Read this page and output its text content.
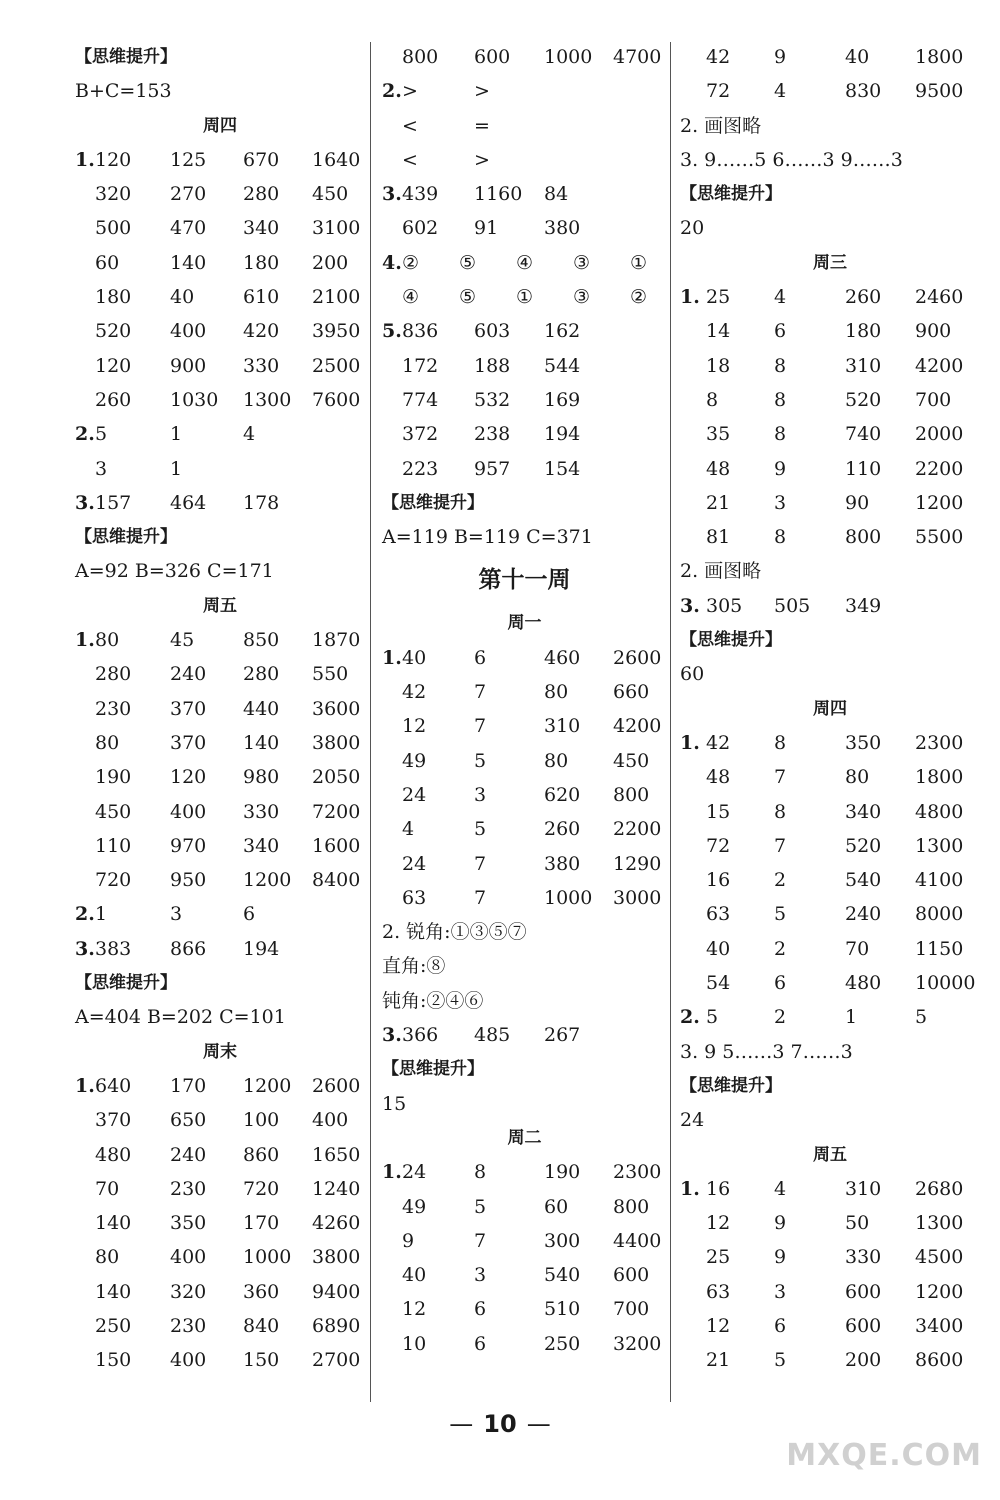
【思维提升】
B+C=153
周四
1. 120 125 670 1640
320 270 280 450
500 470 340 3100
60	140 180 200
180 40	610 2100
520 400 420 3950
120 900 330 2500
260 1030 1300 7600
2. 5	1	4
3	1
3. 157 464 178
【思维提升】
A=92 B=326 C=171
周五
1. 80	45	850 1870
280 240 280 550
230 370 440 3600
80	370 140 3800
190 120 980 2050
450 400 330 7200
110 970 340 1600
720 950 1200 8400
2. 1	3	6
3. 383 866 194
【思维提升】
A=404 B=202 C=101
周末
1. 640 170 1200 2600
370 650 100 400
480 240 860 1650
70	230 720 1240
140 350 170 4260
80	400 1000 3800
140 320 360 9400
250 230 840 6890
150 400 150 2700
800 600 1000 4700
2. >	>
<	=
<	>
3. 439 1160 84
602 91 380
4. ② ⑤ ④ ③ ①
④ ⑤ ① ③ ②
5. 836 603 162
172 188 544
774 532 169
372 238 194
223 957 154
【思维提升】
A=119 B=119 C=371
第十一周
周一
1. 40	6	460 2600
42	7	80 660
12	7	310 4200
49	5	80 450
24	3	620 800
4	5	260 2200
24	7	380 1290
63	7	1000 3000
2. 锐角:①③⑤⑦
直角:⑧
钝角:②④⑥
3. 366 485 267
【思维提升】
15
周二
1. 24	8	190 2300
49	5	60 800
9	7	300 4400
40	3	540 600
12	6	510 700
10	6	250 3200
42 9	40 1800
72 4	830 9500
2. 画图略
3. 9……5 6……3 9……3
【思维提升】
20
周三
1. 25 4	260 2460
14 6	180 900
18 8	310 4200
8	8	520 700
35 8	740 2000
48 9	110 2200
21 3	90 1200
81 8	800 5500
2. 画图略
3. 305 505 349
【思维提升】
60
周四
1. 42 8	350 2300
48 7	80 1800
15 8	340 4800
72 7	520 1300
16 2	540 4100
63 5	240 8000
40 2	70 1150
54 6	480 10000
2. 5	2	1	5
3. 9 5……3 7……3
【思维提升】
24
周五
1. 16 4	310 2680
12 9	50 1300
25 9	330 4500
63 3	600 1200
12 6	600 3400
21 5	200 8600
— 10 —
MXQE.COM
